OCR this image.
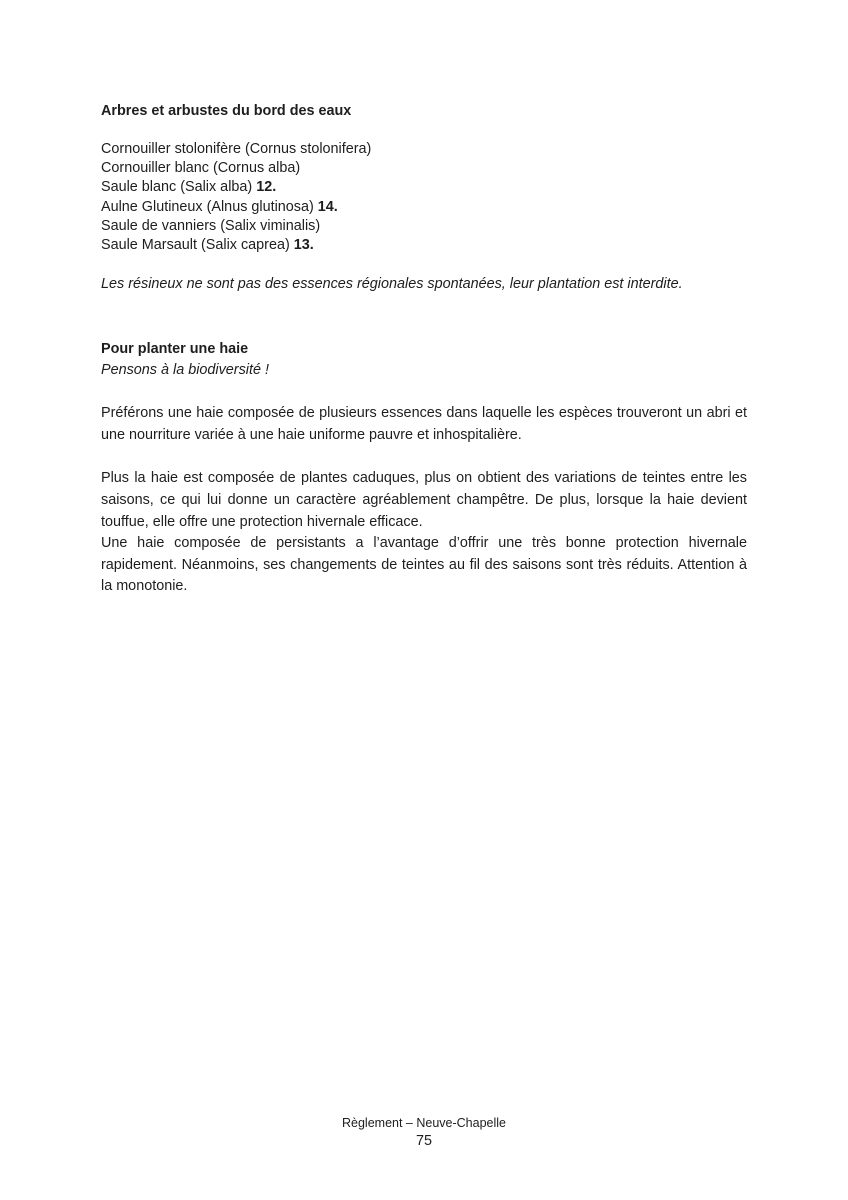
Arbres et arbustes du bord des eaux

Cornouiller stolonifère (Cornus stolonifera)
Cornouiller blanc (Cornus alba)
Saule blanc (Salix alba) 12.
Aulne Glutineux (Alnus glutinosa) 14.
Saule de vanniers (Salix viminalis)
Saule Marsault (Salix caprea) 13.

Les résineux ne sont pas des essences régionales spontanées, leur plantation est interdite.

Pour planter une haie

Pensons à la biodiversité !

Préférons une haie composée de plusieurs essences dans laquelle les espèces trouveront un abri et une nourriture variée à une haie uniforme pauvre et inhospitalière.

Plus la haie est composée de plantes caduques, plus on obtient des variations de teintes entre les saisons, ce qui lui donne un caractère agréablement champêtre. De plus, lorsque la haie devient touffue, elle offre une protection hivernale efficace.

Une haie composée de persistants a l’avantage d’offrir une très bonne protection hivernale rapidement. Néanmoins, ses changements de teintes au fil des saisons sont très réduits. Attention à la monotonie.

Règlement – Neuve-Chapelle
75
